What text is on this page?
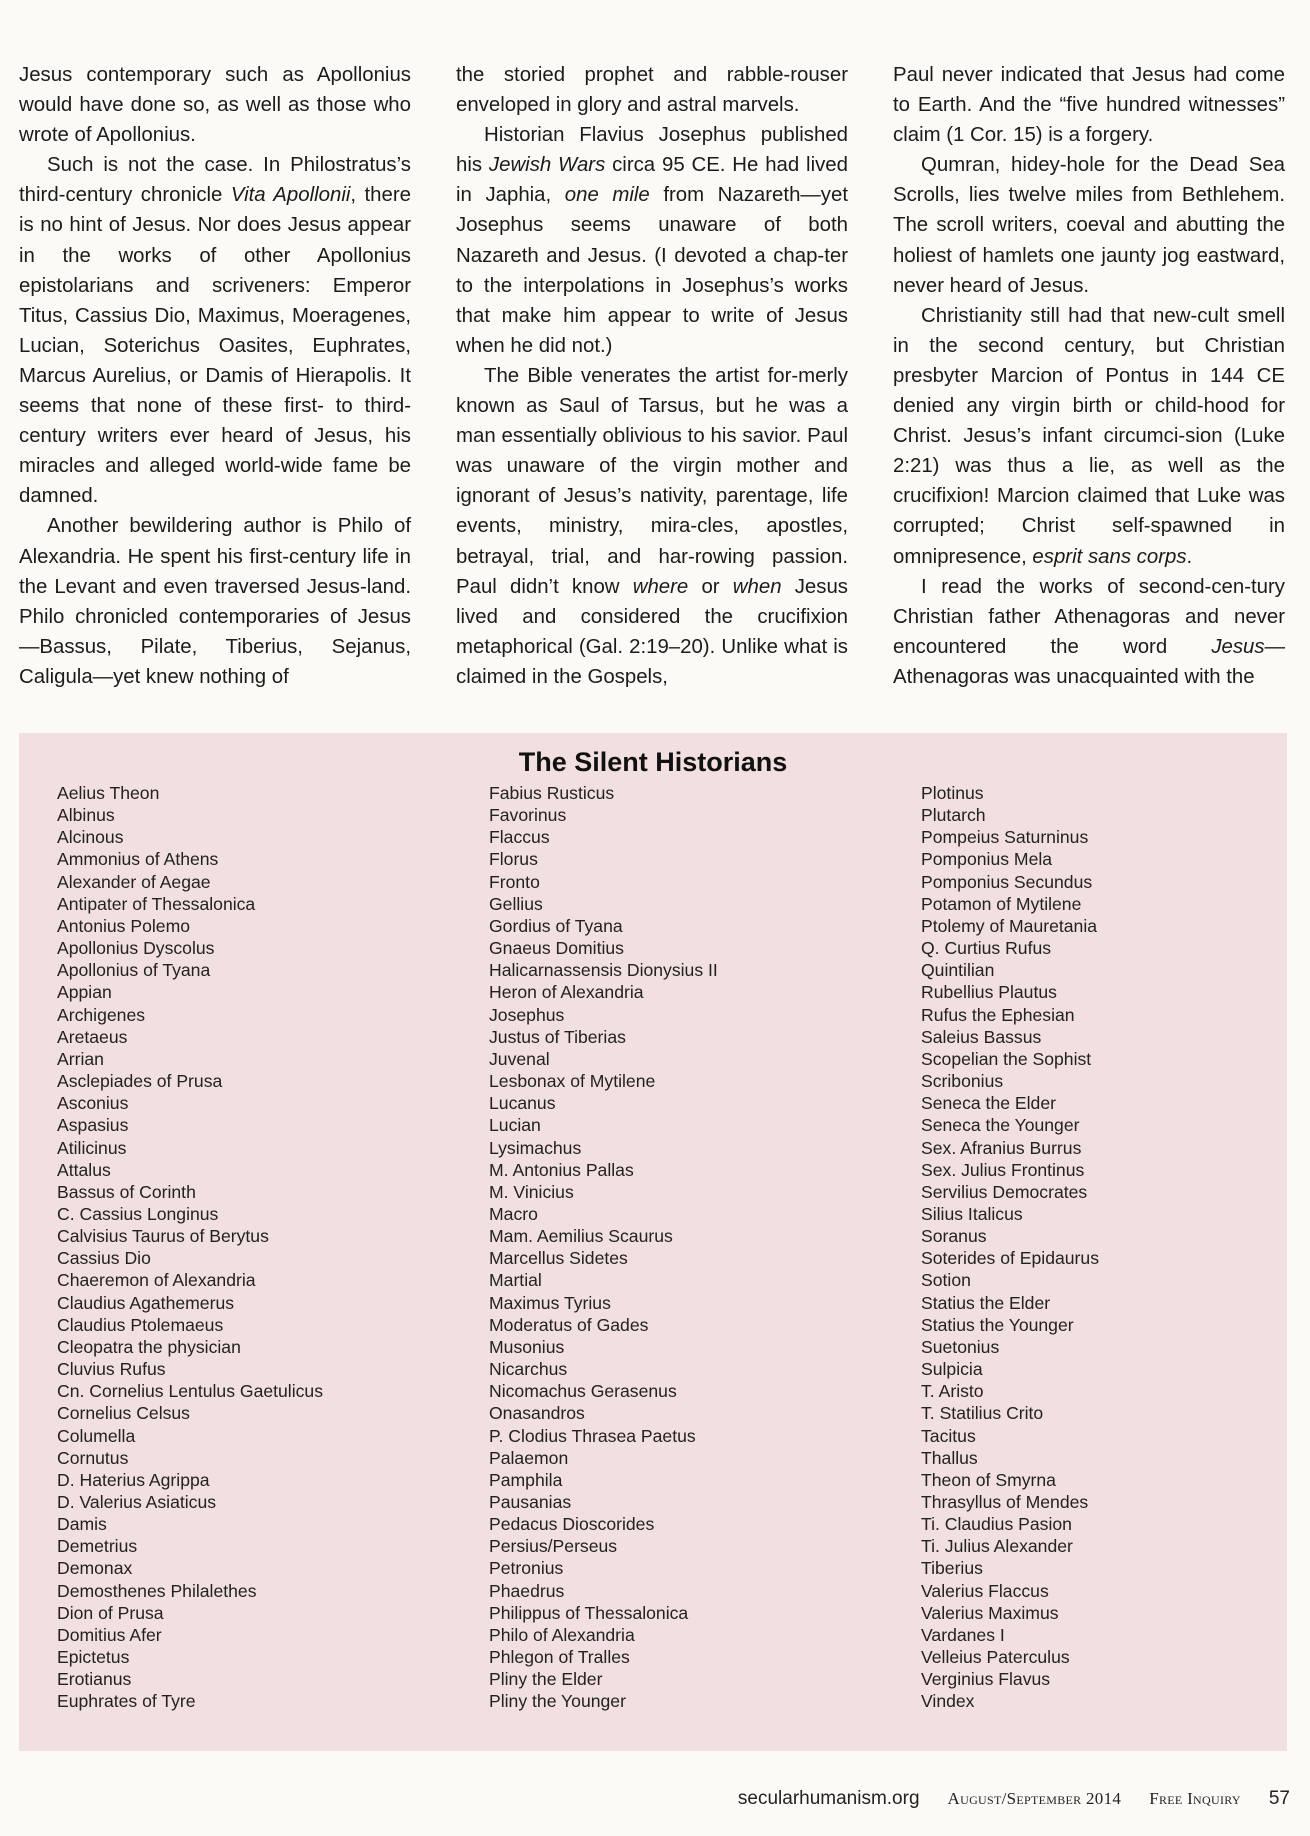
Jesus contemporary such as Apollonius would have done so, as well as those who wrote of Apollonius.

Such is not the case. In Philostratus’s third-century chronicle Vita Apollonii, there is no hint of Jesus. Nor does Jesus appear in the works of other Apollonius epistolarians and scriveners: Emperor Titus, Cassius Dio, Maximus, Moeragenes, Lucian, Soterichus Oasites, Euphrates, Marcus Aurelius, or Damis of Hierapolis. It seems that none of these first- to third-century writers ever heard of Jesus, his miracles and alleged world-wide fame be damned.

Another bewildering author is Philo of Alexandria. He spent his first-century life in the Levant and even traversed Jesus-land. Philo chronicled contemporaries of Jesus—Bassus, Pilate, Tiberius, Sejanus, Caligula—yet knew nothing of

the storied prophet and rabble-rouser enveloped in glory and astral marvels.

Historian Flavius Josephus published his Jewish Wars circa 95 CE. He had lived in Japhia, one mile from Nazareth—yet Josephus seems unaware of both Nazareth and Jesus. (I devoted a chap-ter to the interpolations in Josephus’s works that make him appear to write of Jesus when he did not.)

The Bible venerates the artist for-merly known as Saul of Tarsus, but he was a man essentially oblivious to his savior. Paul was unaware of the virgin mother and ignorant of Jesus’s nativity, parentage, life events, ministry, mira-cles, apostles, betrayal, trial, and har-rowing passion. Paul didn’t know where or when Jesus lived and considered the crucifixion metaphorical (Gal. 2:19–20). Unlike what is claimed in the Gospels,

Paul never indicated that Jesus had come to Earth. And the “five hundred witnesses” claim (1 Cor. 15) is a forgery.

Qumran, hidey-hole for the Dead Sea Scrolls, lies twelve miles from Bethlehem. The scroll writers, coeval and abutting the holiest of hamlets one jaunty jog eastward, never heard of Jesus.

Christianity still had that new-cult smell in the second century, but Christian presbyter Marcion of Pontus in 144 CE denied any virgin birth or child-hood for Christ. Jesus’s infant circumci-sion (Luke 2:21) was thus a lie, as well as the crucifixion! Marcion claimed that Luke was corrupted; Christ self-spawned in omnipresence, esprit sans corps.

I read the works of second-cen-tury Christian father Athenagoras and never encountered the word Jesus—Athenagoras was unacquainted with the

The Silent Historians
Aelius Theon
Albinus
Alcinous
Ammonius of Athens
Alexander of Aegae
Antipater of Thessalonica
Antonius Polemo
Apollonius Dyscolus
Apollonius of Tyana
Appian
Archigenes
Aretaeus
Arrian
Asclepiades of Prusa
Asconius
Aspasius
Atilicinus
Attalus
Bassus of Corinth
C. Cassius Longinus
Calvisius Taurus of Berytus
Cassius Dio
Chaeremon of Alexandria
Claudius Agathemerus
Claudius Ptolemaeus
Cleopatra the physician
Cluvius Rufus
Cn. Cornelius Lentulus Gaetulicus
Cornelius Celsus
Columella
Cornutus
D. Haterius Agrippa
D. Valerius Asiaticus
Damis
Demetrius
Demonax
Demosthenes Philalethes
Dion of Prusa
Domitius Afer
Epictetus
Erotianus
Euphrates of Tyre
Fabius Rusticus
Favorinus
Flaccus
Florus
Fronto
Gellius
Gordius of Tyana
Gnaeus Domitius
Halicarnassensis Dionysius II
Heron of Alexandria
Josephus
Justus of Tiberias
Juvenal
Lesbonax of Mytilene
Lucanus
Lucian
Lysimachus
M. Antonius Pallas
M. Vinicius
Macro
Mam. Aemilius Scaurus
Marcellus Sidetes
Martial
Maximus Tyrius
Moderatus of Gades
Musonius
Nicarchus
Nicomachus Gerasenus
Onasandros
P. Clodius Thrasea Paetus
Palaemon
Pamphila
Pausanias
Pedacus Dioscorides
Persius/Perseus
Petronius
Phaedrus
Philippus of Thessalonica
Philo of Alexandria
Phlegon of Tralles
Pliny the Elder
Pliny the Younger
Plotinus
Plutarch
Pompeius Saturninus
Pomponius Mela
Pomponius Secundus
Potamon of Mytilene
Ptolemy of Mauretania
Q. Curtius Rufus
Quintilian
Rubellius Plautus
Rufus the Ephesian
Saleius Bassus
Scopelian the Sophist
Scribonius
Seneca the Elder
Seneca the Younger
Sex. Afranius Burrus
Sex. Julius Frontinus
Servilius Democrates
Silius Italicus
Soranus
Soterides of Epidaurus
Sotion
Statius the Elder
Statius the Younger
Suetonius
Sulpicia
T. Aristo
T. Statilius Crito
Tacitus
Thallus
Theon of Smyrna
Thrasyllus of Mendes
Ti. Claudius Pasion
Ti. Julius Alexander
Tiberius
Valerius Flaccus
Valerius Maximus
Vardanes I
Velleius Paterculus
Verginius Flavus
Vindex
secularhumanism.org August/September 2014 Free Inquiry 57
